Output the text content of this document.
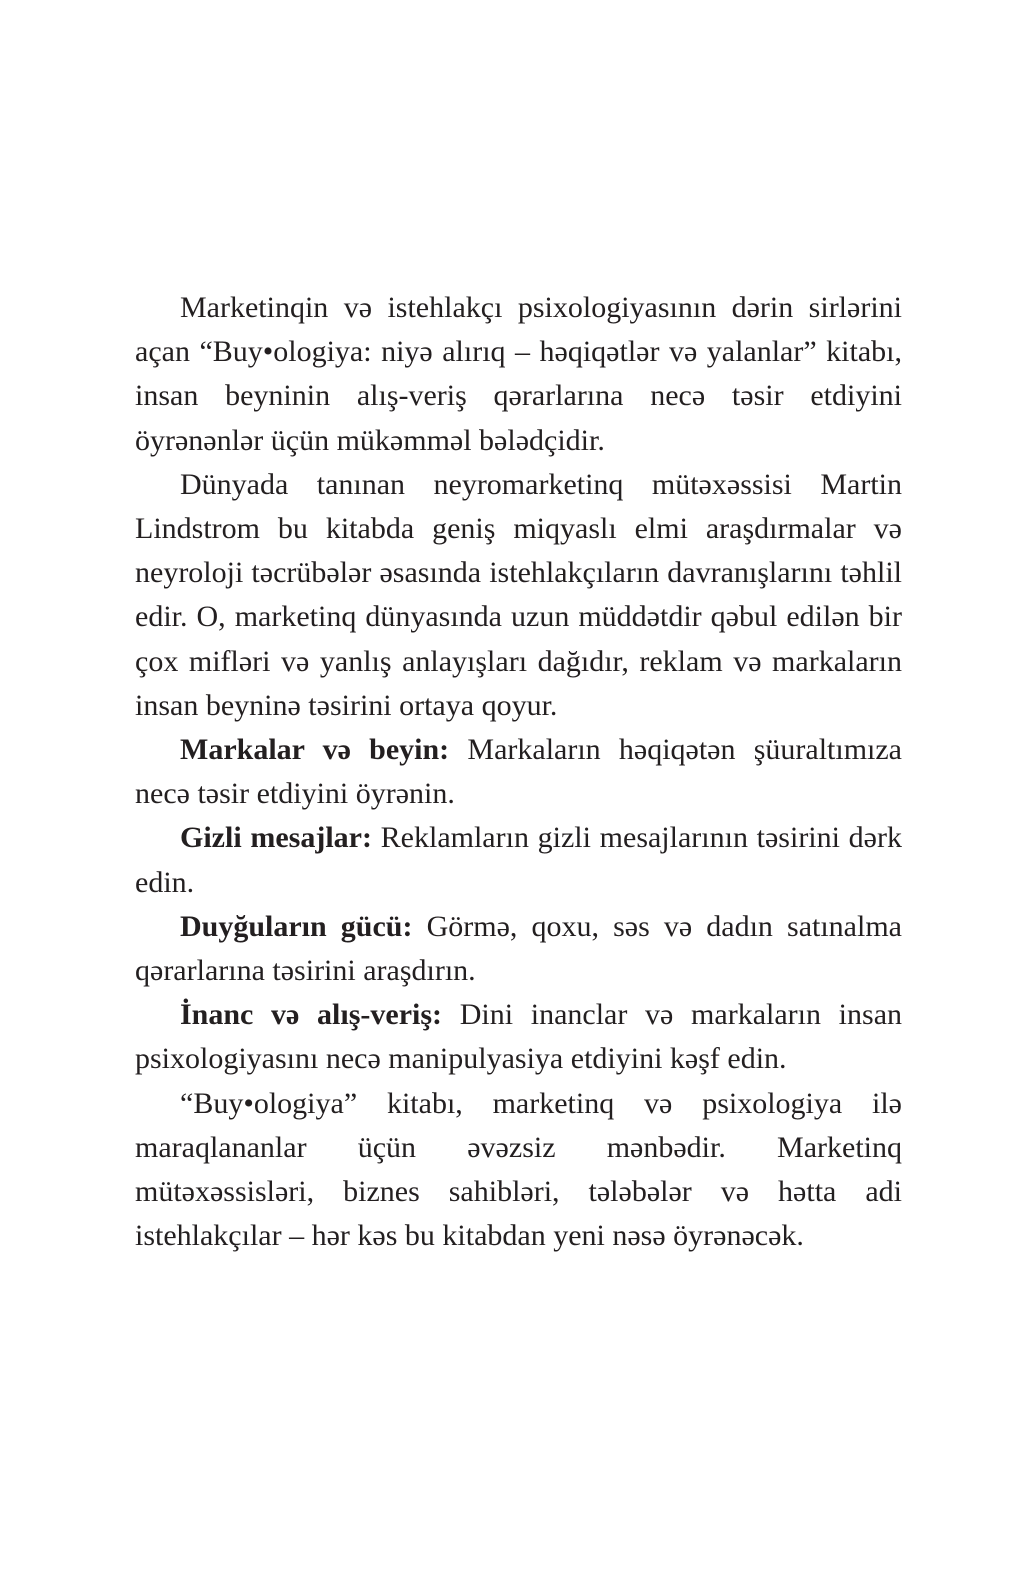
Marketinqin və istehlakçı psixologiyasının dərin sirlərini açan “Buy•ologiya: niyə alırıq – həqiqətlər və yalanlar” kitabı, insan beyninin alış-veriş qərarlarına necə təsir etdiyini öyrənənlər üçün mükəmməl bələdçidir.

Dünyada tanınan neyromarketinq mütəxəssisi Martin Lindstrom bu kitabda geniş miqyaslı elmi araşdırmalar və neyroloji təcrübələr əsasında istehlakçıların davranışlarını təhlil edir. O, marketinq dünyasında uzun müddətdir qəbul edilən bir çox mifləri və yanlış anlayışları dağıdır, reklam və markaların insan beyninə təsirini ortaya qoyur.

Markalar və beyin: Markaların həqiqətən şüuraltımıza necə təsir etdiyini öyrənin.

Gizli mesajlar: Reklamların gizli mesajlarının təsirini dərk edin.

Duyğuların gücü: Görmə, qoxu, səs və dadın satınalma qərarlarına təsirini araşdırın.

İnanc və alış-veriş: Dini inanclar və markaların insan psixologiyasını necə manipulyasiya etdiyini kəşf edin.

“Buy•ologiya” kitabı, marketinq və psixologiya ilə maraqlananlar üçün əvəzsiz mənbədir. Marketinq mütəxəssisləri, biznes sahibləri, tələbələr və hətta adi istehlakçılar – hər kəs bu kitabdan yeni nəsə öyrənəcək.
